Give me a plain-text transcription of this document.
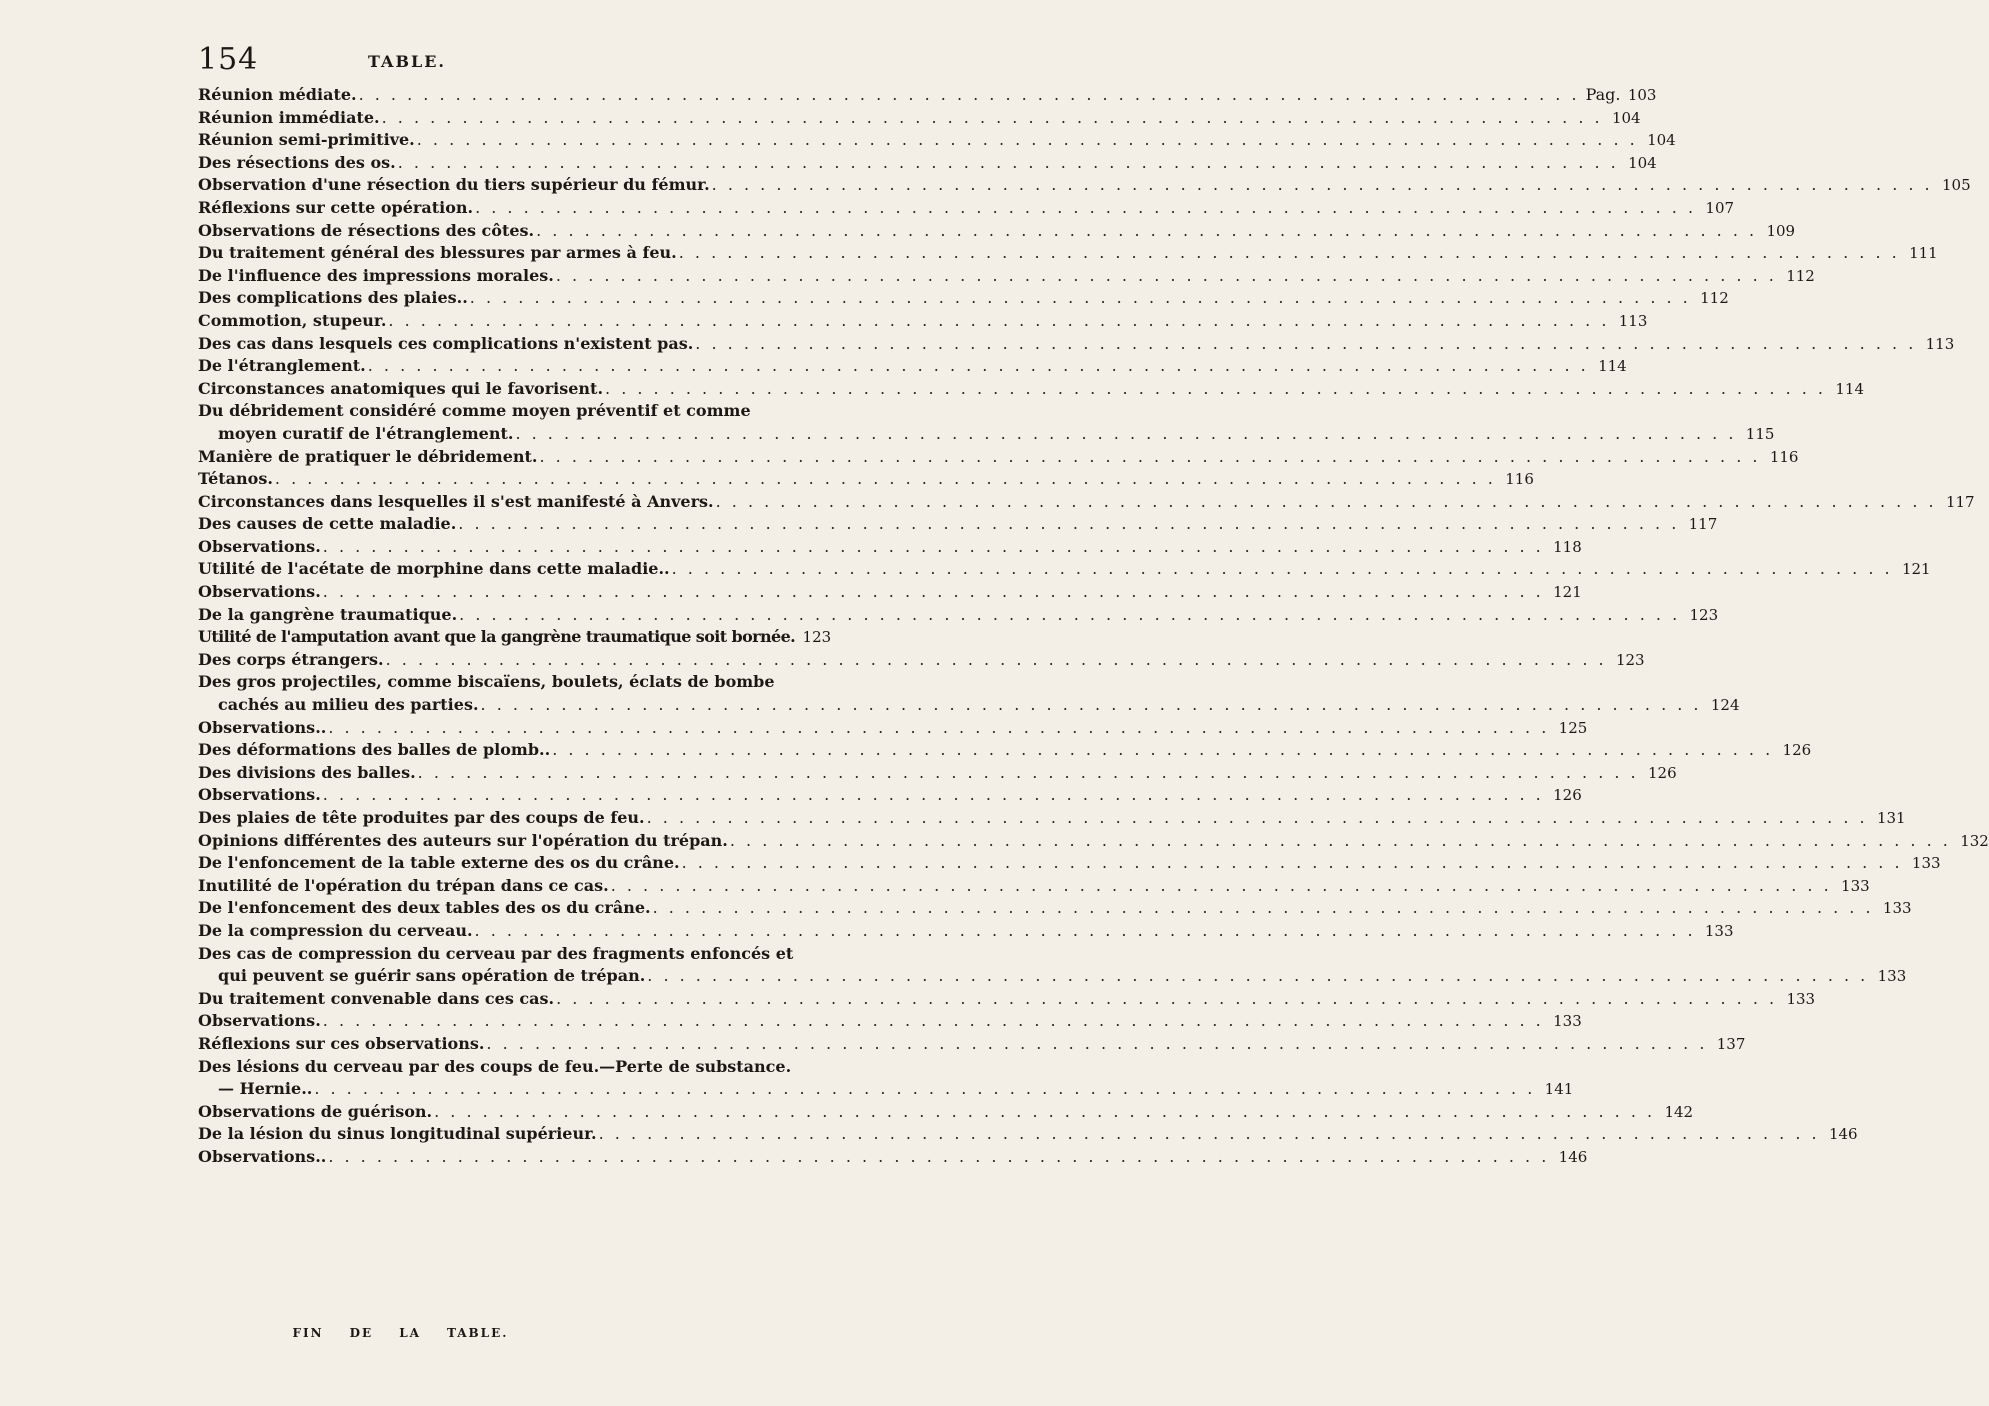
154	TABLE.
Réunion médiate. . . .	Pag. 103
Réunion immédiate. . . .	104
Réunion semi-primitive. . . .	104
Des résections des os. . . .	104
Observation d'une résection du tiers supérieur du fémur. . . .	105
Réflexions sur cette opération. . . .	107
Observations de résections des côtes. . . .	109
Du traitement général des blessures par armes à feu. . . .	111
De l'influence des impressions morales. . . .	112
Des complications des plaies.. . . .	112
Commotion, stupeur. . . .	113
Des cas dans lesquels ces complications n'existent pas. . . .	113
De l'étranglement. . . .	114
Circonstances anatomiques qui le favorisent. . . .	114
Du débridement considéré comme moyen préventif et comme
moyen curatif de l'étranglement. . . .	115
Manière de pratiquer le débridement. . . .	116
Tétanos. . . .	116
Circonstances dans lesquelles il s'est manifesté à Anvers. . . .	117
Des causes de cette maladie. . . .	117
Observations. . . .	118
Utilité de l'acétate de morphine dans cette maladie.. . . .	121
Observations. . . .	121
De la gangrène traumatique. . . .	123
Utilité de l'amputation avant que la gangrène traumatique soit bornée. 123
Des corps étrangers. . . .	123
Des gros projectiles, comme biscaïens, boulets, éclats de bombe
cachés au milieu des parties. . . .	124
Observations.. . . .	125
Des déformations des balles de plomb.. . . .	126
Des divisions des balles. . . .	126
Observations. . . .	126
Des plaies de tête produites par des coups de feu. . . .	131
Opinions différentes des auteurs sur l'opération du trépan. . . .	132
De l'enfoncement de la table externe des os du crâne. . . .	133
Inutilité de l'opération du trépan dans ce cas. . . .	133
De l'enfoncement des deux tables des os du crâne. . . .	133
De la compression du cerveau. . . .	133
Des cas de compression du cerveau par des fragments enfoncés et
qui peuvent se guérir sans opération de trépan. . . .	133
Du traitement convenable dans ces cas. . . .	133
Observations. . . .	133
Réflexions sur ces observations. . . .	137
Des lésions du cerveau par des coups de feu.—Perte de substance.
— Hernie.. . . .	141
Observations de guérison. . . .	142
De la lésion du sinus longitudinal supérieur. . . .	146
Observations.. . . .	146
FIN DE LA TABLE.
